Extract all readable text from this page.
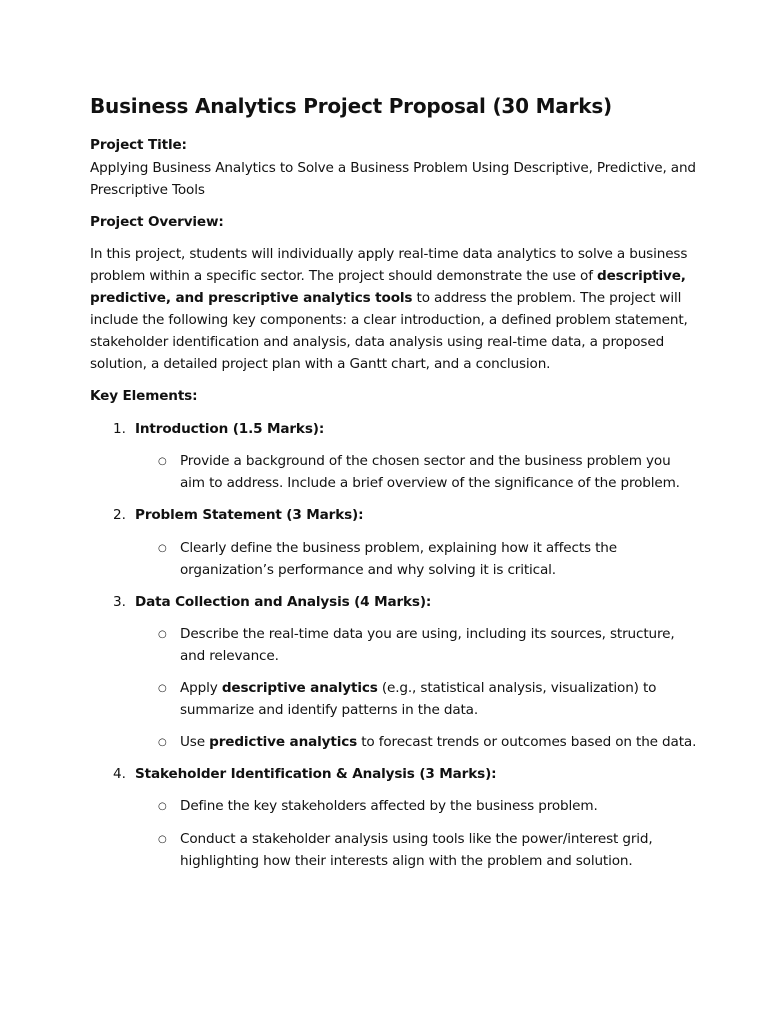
Business Analytics Project Proposal (30 Marks)

Project Title:

Applying Business Analytics to Solve a Business Problem Using Descriptive, Predictive, and

Prescriptive Tools

Project Overview:

In this project, students will individually apply real-time data analytics to solve a business

problem within a specific sector. The project should demonstrate the use of descriptive,

predictive, and prescriptive analytics tools to address the problem. The project will

include the following key components: a clear introduction, a defined problem statement,

stakeholder identification and analysis, data analysis using real-time data, a proposed

solution, a detailed project plan with a Gantt chart, and a conclusion.

Key Elements:

1. Introduction (1.5 Marks):

○ Provide a background of the chosen sector and the business problem you

aim to address. Include a brief overview of the significance of the problem.

2. Problem Statement (3 Marks):

○ Clearly define the business problem, explaining how it affects the

organization’s performance and why solving it is critical.

3. Data Collection and Analysis (4 Marks):

○ Describe the real-time data you are using, including its sources, structure,

and relevance.

○ Apply descriptive analytics (e.g., statistical analysis, visualization) to

summarize and identify patterns in the data.

○ Use predictive analytics to forecast trends or outcomes based on the data.

4. Stakeholder Identification & Analysis (3 Marks):

○ Define the key stakeholders affected by the business problem.

○ Conduct a stakeholder analysis using tools like the power/interest grid,

highlighting how their interests align with the problem and solution.
